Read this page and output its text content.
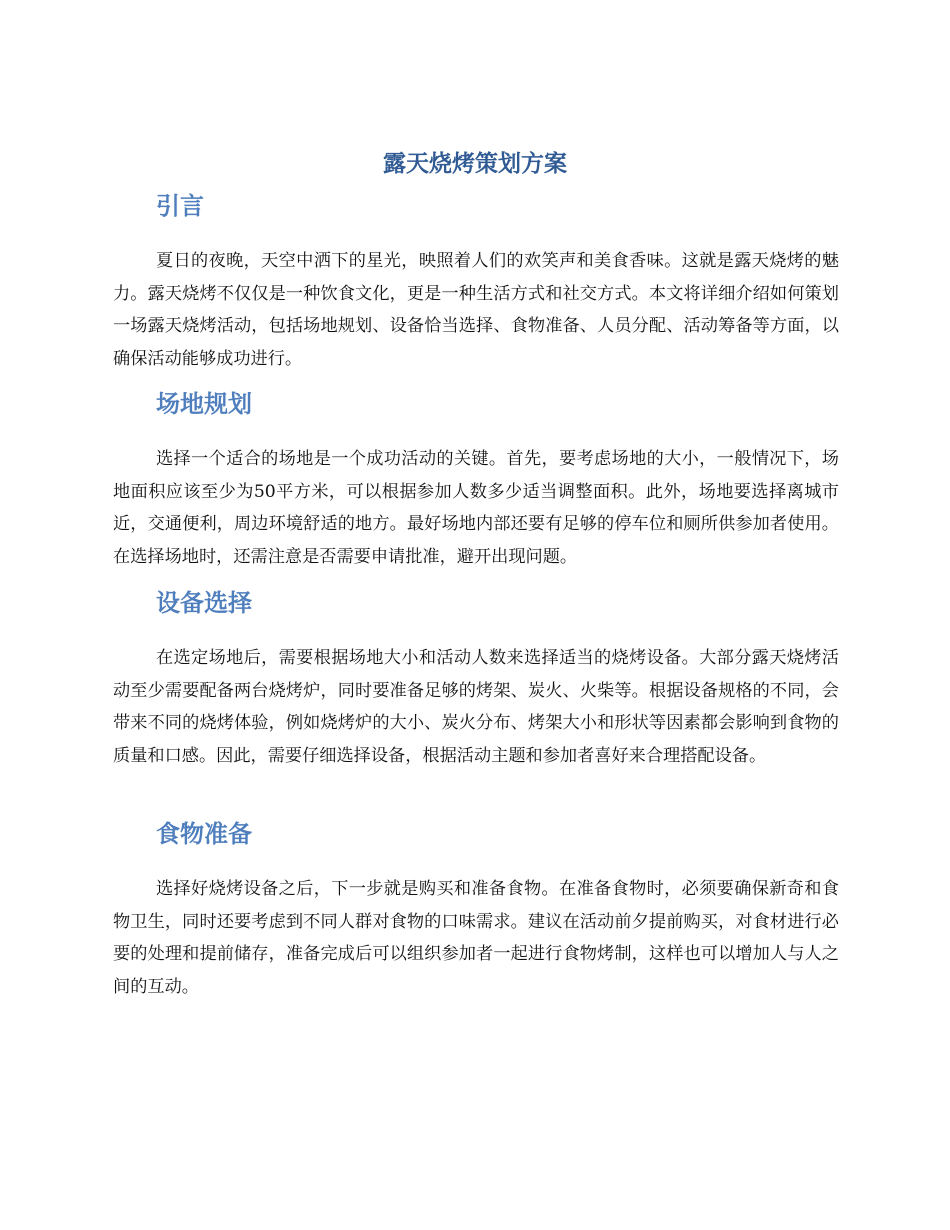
露天烧烤策划方案
引言

夏日的夜晚，天空中洒下的星光，映照着人们的欢笑声和美食香味。这就是露天烧烤的魅力。露天烧烤不仅仅是一种饮食文化，更是一种生活方式和社交方式。本文将详细介绍如何策划一场露天烧烤活动，包括场地规划、设备恰当选择、食物准备、人员分配、活动筹备等方面，以确保活动能够成功进行。

场地规划

选择一个适合的场地是一个成功活动的关键。首先，要考虑场地的大小，一般情况下，场地面积应该至少为50平方米，可以根据参加人数多少适当调整面积。此外，场地要选择离城市近，交通便利，周边环境舒适的地方。最好场地内部还要有足够的停车位和厕所供参加者使用。在选择场地时，还需注意是否需要申请批准，避开出现问题。

设备选择

在选定场地后，需要根据场地大小和活动人数来选择适当的烧烤设备。大部分露天烧烤活动至少需要配备两台烧烤炉，同时要准备足够的烤架、炭火、火柴等。根据设备规格的不同，会带来不同的烧烤体验，例如烧烤炉的大小、炭火分布、烤架大小和形状等因素都会影响到食物的质量和口感。因此，需要仔细选择设备，根据活动主题和参加者喜好来合理搭配设备。

食物准备

选择好烧烤设备之后，下一步就是购买和准备食物。在准备食物时，必须要确保新奇和食物卫生，同时还要考虑到不同人群对食物的口味需求。建议在活动前夕提前购买，对食材进行必要的处理和提前储存，准备完成后可以组织参加者一起进行食物烤制，这样也可以增加人与人之间的互动。
